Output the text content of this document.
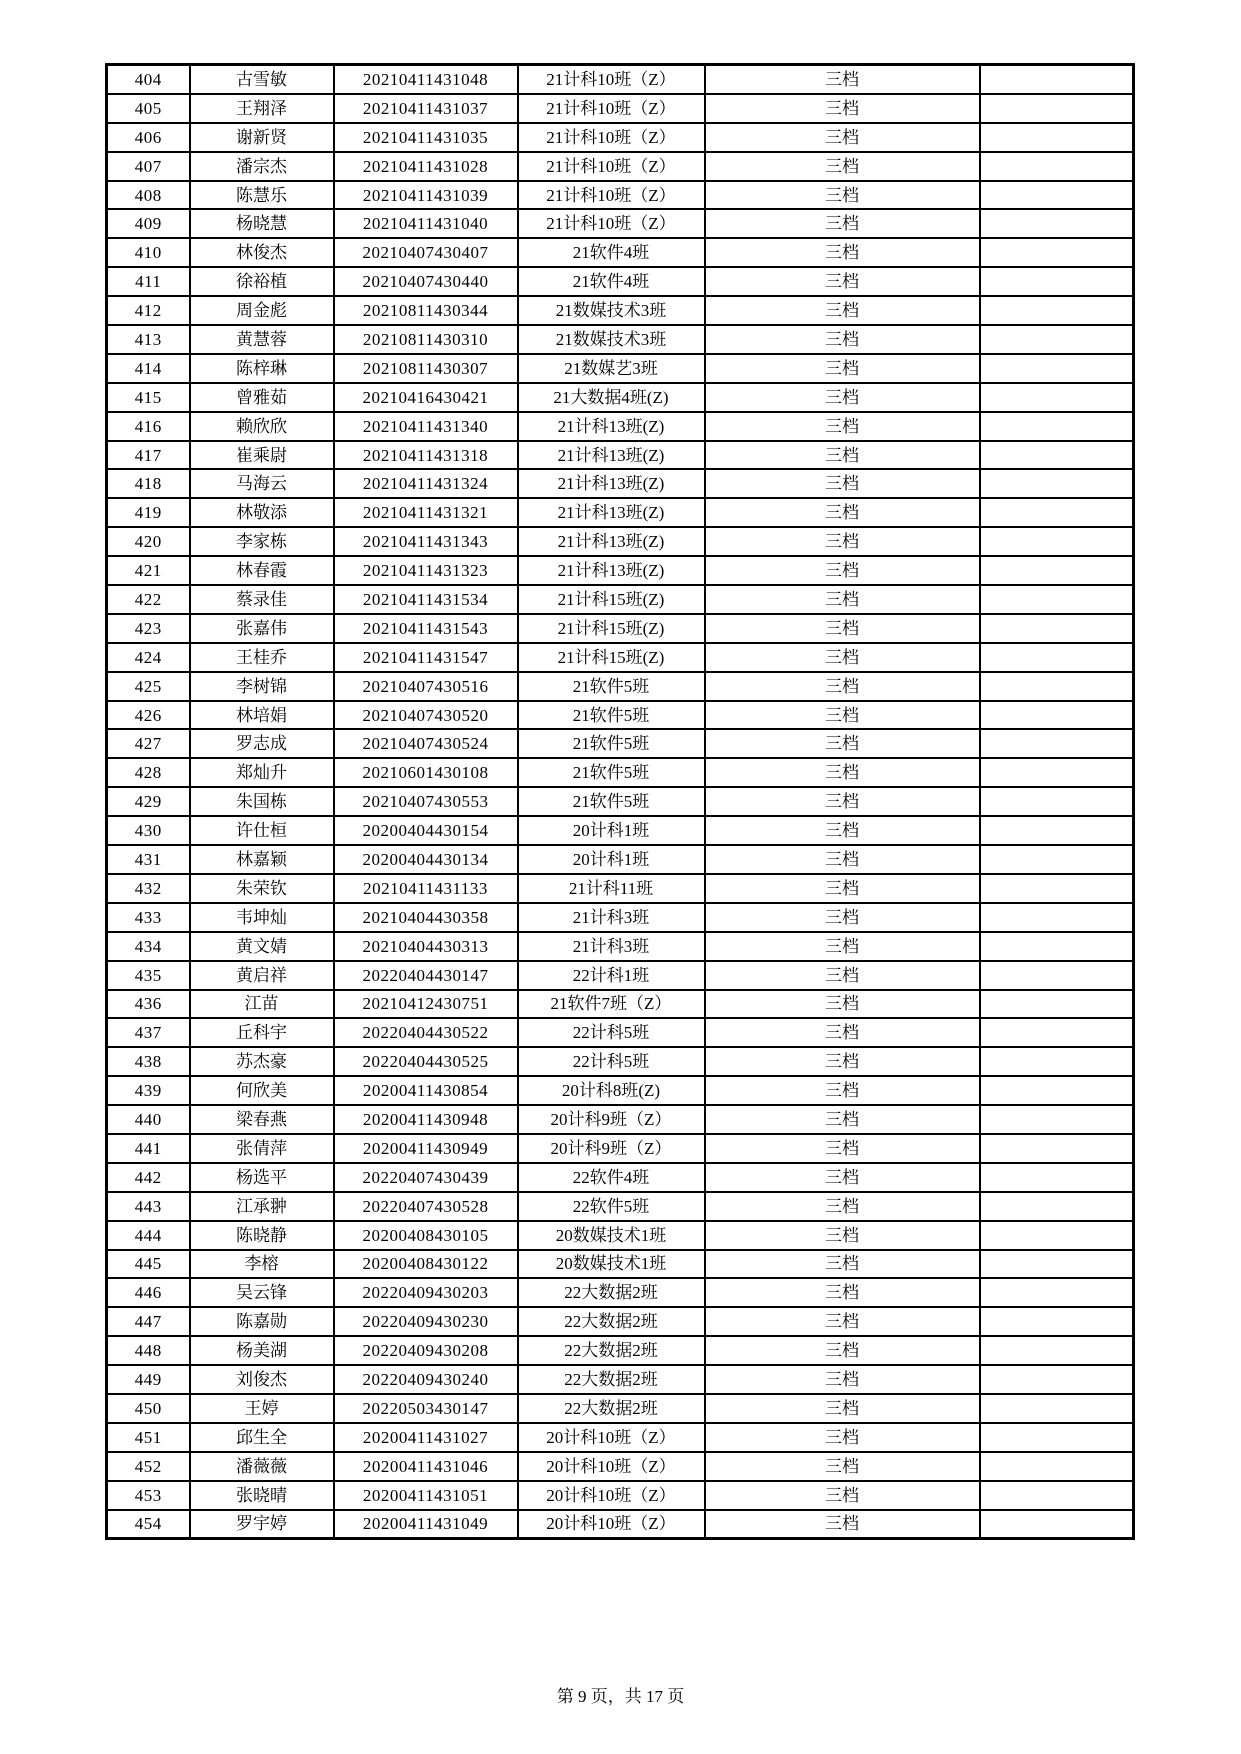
404	古雪敏	20210411431048	21计科10班（Z）	三档	
405	王翔泽	20210411431037	21计科10班（Z）	三档	
406	谢新贤	20210411431035	21计科10班（Z）	三档	
407	潘宗杰	20210411431028	21计科10班（Z）	三档	
408	陈慧乐	20210411431039	21计科10班（Z）	三档	
409	杨晓慧	20210411431040	21计科10班（Z）	三档	
410	林俊杰	20210407430407	21软件4班	三档	
411	徐裕植	20210407430440	21软件4班	三档	
412	周金彪	20210811430344	21数媒技术3班	三档	
413	黄慧蓉	20210811430310	21数媒技术3班	三档	
414	陈梓琳	20210811430307	21数媒艺3班	三档	
415	曾雅茹	20210416430421	21大数据4班(Z)	三档	
416	赖欣欣	20210411431340	21计科13班(Z)	三档	
417	崔乘尉	20210411431318	21计科13班(Z)	三档	
418	马海云	20210411431324	21计科13班(Z)	三档	
419	林敬添	20210411431321	21计科13班(Z)	三档	
420	李家栋	20210411431343	21计科13班(Z)	三档	
421	林春霞	20210411431323	21计科13班(Z)	三档	
422	蔡录佳	20210411431534	21计科15班(Z)	三档	
423	张嘉伟	20210411431543	21计科15班(Z)	三档	
424	王桂乔	20210411431547	21计科15班(Z)	三档	
425	李树锦	20210407430516	21软件5班	三档	
426	林培娟	20210407430520	21软件5班	三档	
427	罗志成	20210407430524	21软件5班	三档	
428	郑灿升	20210601430108	21软件5班	三档	
429	朱国栋	20210407430553	21软件5班	三档	
430	许仕桓	20200404430154	20计科1班	三档	
431	林嘉颖	20200404430134	20计科1班	三档	
432	朱荣钦	20210411431133	21计科11班	三档	
433	韦坤灿	20210404430358	21计科3班	三档	
434	黄文婧	20210404430313	21计科3班	三档	
435	黄启祥	20220404430147	22计科1班	三档	
436	江苗	20210412430751	21软件7班（Z）	三档	
437	丘科宇	20220404430522	22计科5班	三档	
438	苏杰豪	20220404430525	22计科5班	三档	
439	何欣美	20200411430854	20计科8班(Z)	三档	
440	梁春燕	20200411430948	20计科9班（Z）	三档	
441	张倩萍	20200411430949	20计科9班（Z）	三档	
442	杨选平	20220407430439	22软件4班	三档	
443	江承翀	20220407430528	22软件5班	三档	
444	陈晓静	20200408430105	20数媒技术1班	三档	
445	李榕	20200408430122	20数媒技术1班	三档	
446	吴云锋	20220409430203	22大数据2班	三档	
447	陈嘉勋	20220409430230	22大数据2班	三档	
448	杨美湖	20220409430208	22大数据2班	三档	
449	刘俊杰	20220409430240	22大数据2班	三档	
450	王婷	20220503430147	22大数据2班	三档	
451	邱生全	20200411431027	20计科10班（Z）	三档	
452	潘薇薇	20200411431046	20计科10班（Z）	三档	
453	张晓晴	20200411431051	20计科10班（Z）	三档	
454	罗宇婷	20200411431049	20计科10班（Z）	三档	
第 9 页，共 17 页
